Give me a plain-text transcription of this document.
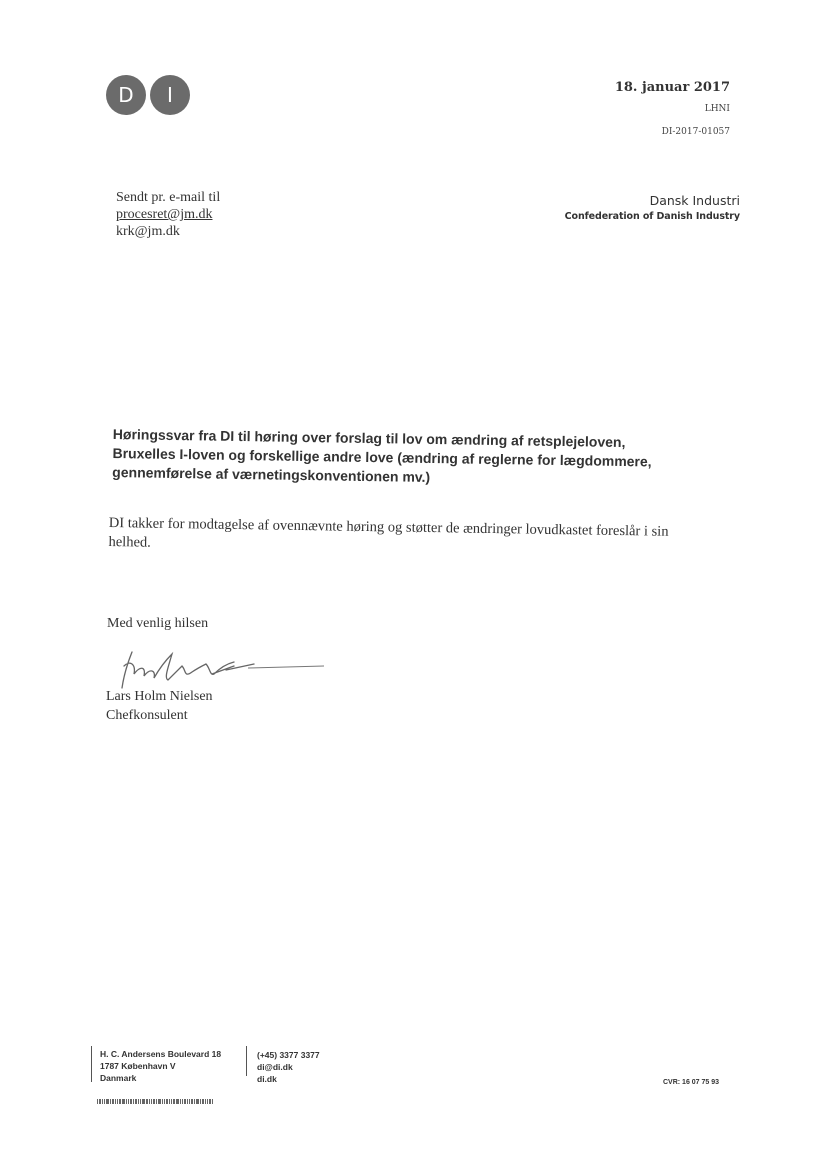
D	I	18. januar 2017
LHNI
DI-2017-01057
Sendt pr. e-mail til
procesret@jm.dk
krk@jm.dk
Dansk Industri
Confederation of Danish Industry
Høringssvar fra DI til høring over forslag til lov om ændring af retsplejeloven, Bruxelles I-loven og forskellige andre love (ændring af reglerne for lægdommere, gennemførelse af værnetingskonventionen mv.)
DI takker for modtagelse af ovennævnte høring og støtter de ændringer lovudkastet foreslår i sin helhed.
Med venlig hilsen
Lars Holm Nielsen
Chefkonsulent
H. C. Andersens Boulevard 18
1787 København V
Danmark
(+45) 3377 3377
di@di.dk
di.dk	CVR: 16 07 75 93
